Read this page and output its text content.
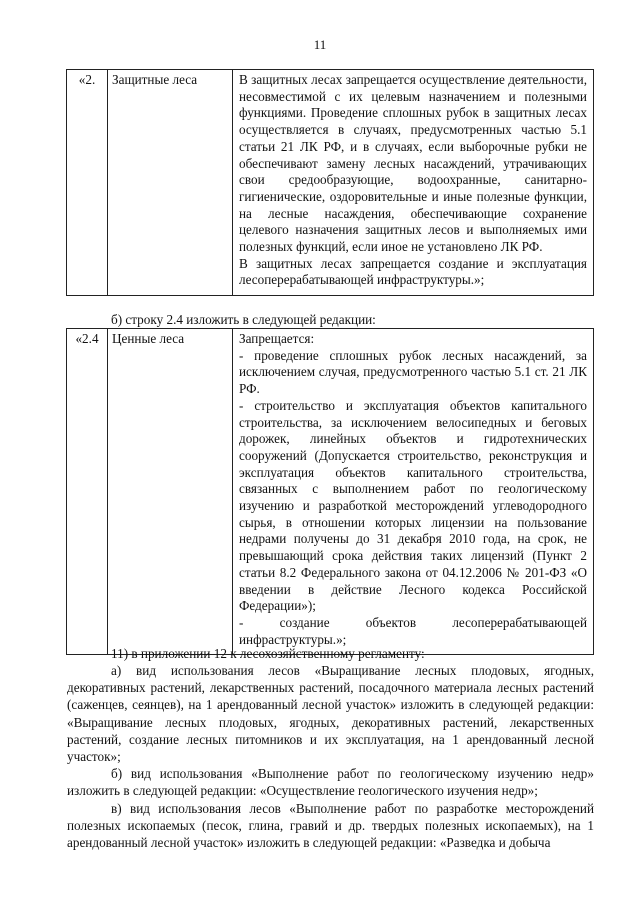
11
«2.	Защитные леса	В защитных лесах запрещается осуществление деятельности, несовместимой с их целевым назначением и полезными функциями. Проведение сплошных рубок в защитных лесах осуществляется в случаях, предусмотренных частью 5.1 статьи 21 ЛК РФ, и в случаях, если выборочные рубки не обеспечивают замену лесных насаждений, утрачивающих свои средообразующие, водоохранные, санитарно-гигиенические, оздоровительные и иные полезные функции, на лесные насаждения, обеспечивающие сохранение целевого назначения защитных лесов и выполняемых ими полезных функций, если иное не установлено ЛК РФ.

В защитных лесах запрещается создание и эксплуатация лесоперерабатывающей инфраструктуры.»;

б) строку 2.4 изложить в следующей редакции:
«2.4	Ценные леса	Запрещается:

- проведение сплошных рубок лесных насаждений, за исключением случая, предусмотренного частью 5.1 ст. 21 ЛК РФ.

- строительство и эксплуатация объектов капитального строительства, за исключением велосипедных и беговых дорожек, линейных объектов и гидротехнических сооружений (Допускается строительство, реконструкция и эксплуатация объектов капитального строительства, связанных с выполнением работ по геологическому изучению и разработкой месторождений углеводородного сырья, в отношении которых лицензии на пользование недрами получены до 31 декабря 2010 года, на срок, не превышающий срока действия таких лицензий (Пункт 2 статьи 8.2 Федерального закона от 04.12.2006 № 201-ФЗ «О введении в действие Лесного кодекса Российской Федерации»);

- создание объектов лесоперерабатывающей инфраструктуры.»;

11) в приложении 12 к лесохозяйственному регламенту:
а) вид использования лесов «Выращивание лесных плодовых, ягодных, декоративных растений, лекарственных растений, посадочного материала лесных растений (саженцев, сеянцев), на 1 арендованный лесной участок» изложить в следующей редакции: «Выращивание лесных плодовых, ягодных, декоративных растений, лекарственных растений, создание лесных питомников и их эксплуатация, на 1 арендованный лесной участок»;
б) вид использования «Выполнение работ по геологическому изучению недр» изложить в следующей редакции: «Осуществление геологического изучения недр»;
в) вид использования лесов «Выполнение работ по разработке месторождений полезных ископаемых (песок, глина, гравий и др. твердых полезных ископаемых), на 1 арендованный лесной участок» изложить в следующей редакции: «Разведка и добыча
